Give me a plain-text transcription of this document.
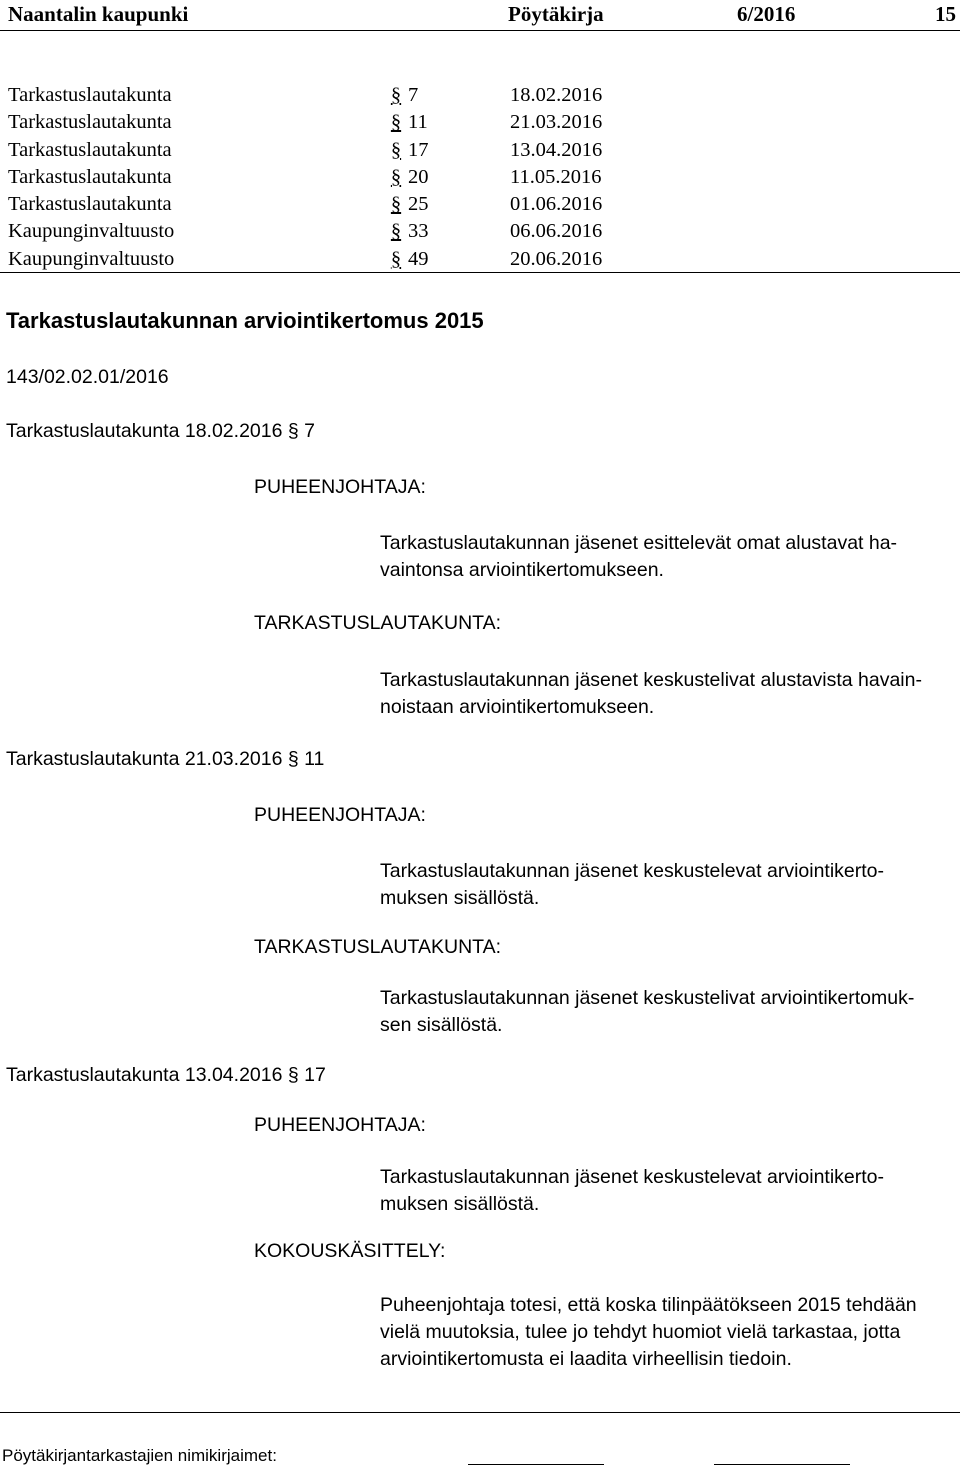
Naantalin kaupunki	Pöytäkirja	6/2016	15
Tarkastuslautakunta	§ 7	18.02.2016
Tarkastuslautakunta	§ 11	21.03.2016
Tarkastuslautakunta	§ 17	13.04.2016
Tarkastuslautakunta	§ 20	11.05.2016
Tarkastuslautakunta	§ 25	01.06.2016
Kaupunginvaltuusto	§ 33	06.06.2016
Kaupunginvaltuusto	§ 49	20.06.2016
Tarkastuslautakunnan arviointikertomus 2015
143/02.02.01/2016
Tarkastuslautakunta 18.02.2016 § 7
PUHEENJOHTAJA:
Tarkastuslautakunnan jäsenet esittelevät omat alustavat ha-
vaintonsa arviointikertomukseen.
TARKASTUSLAUTAKUNTA:
Tarkastuslautakunnan jäsenet keskustelivat alustavista havain-
noistaan arviointikertomukseen.
Tarkastuslautakunta 21.03.2016 § 11
PUHEENJOHTAJA:
Tarkastuslautakunnan jäsenet keskustelevat arviointikerto-
muksen sisällöstä.
TARKASTUSLAUTAKUNTA:
Tarkastuslautakunnan jäsenet keskustelivat arviointikertomuk-
sen sisällöstä.
Tarkastuslautakunta 13.04.2016 § 17
PUHEENJOHTAJA:
Tarkastuslautakunnan jäsenet keskustelevat arviointikerto-
muksen sisällöstä.
KOKOUSKÄSITTELY:
Puheenjohtaja totesi, että koska tilinpäätökseen 2015 tehdään
vielä muutoksia, tulee jo tehdyt huomiot vielä tarkastaa, jotta
arviointikertomusta ei laadita virheellisin tiedoin.
Pöytäkirjantarkastajien nimikirjaimet:
